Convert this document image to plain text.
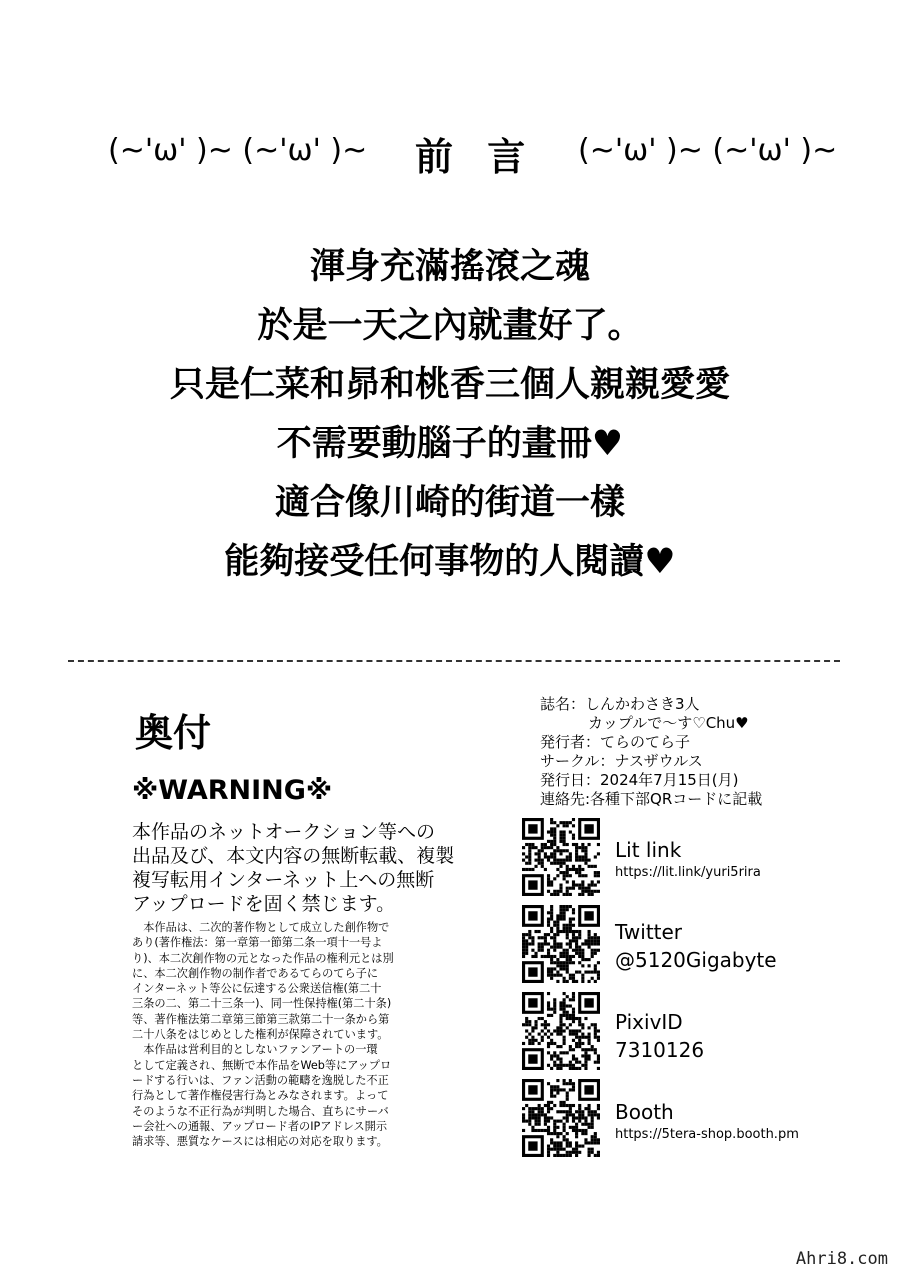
(~'ω' )~ (~'ω' )~ 前言 (~'ω' )~ (~'ω' )~
渾身充滿搖滾之魂
於是一天之內就畫好了。
只是仁菜和昴和桃香三個人親親愛愛
不需要動腦子的畫冊♥
適合像川崎的街道一樣
能夠接受任何事物的人閱讀♥
奥付
※WARNING※
本作品のネットオークション等への
出品及び、本文内容の無断転載、複製
複写転用インターネット上への無断
アップロードを固く禁じます。
　本作品は、二次的著作物として成立した創作物で
あり(著作権法：第一章第一節第二条一項十一号よ
り)、本二次創作物の元となった作品の権利元とは別
に、本二次創作物の制作者であるてらのてら子に
インターネット等公に伝達する公衆送信権(第二十
三条の二、第二十三条一)、同一性保持権(第二十条)
等、著作権法第二章第三節第三款第二十一条から第
二十八条をはじめとした権利が保障されています。
　本作品は営利目的としないファンアートの一環
として定義され、無断で本作品をWeb等にアップロ
ードする行いは、ファン活動の範疇を逸脱した不正
行為として著作権侵害行為とみなされます。よって
そのような不正行為が判明した場合、直ちにサーバ
ー会社への通報、アップロード者のIPアドレス開示
請求等、悪質なケースには相応の対応を取ります。
誌名：しんかわさき3人
カップルで～す♡Chu♥
発行者：てらのてら子
サークル：ナスザウルス
発行日：2024年7月15日(月)
連絡先:各種下部QRコードに記載
Lit link
https://lit.link/yuri5rira
Twitter
@5120Gigabyte
PixivID
7310126
Booth
https://5tera-shop.booth.pm
Ahri8.com
